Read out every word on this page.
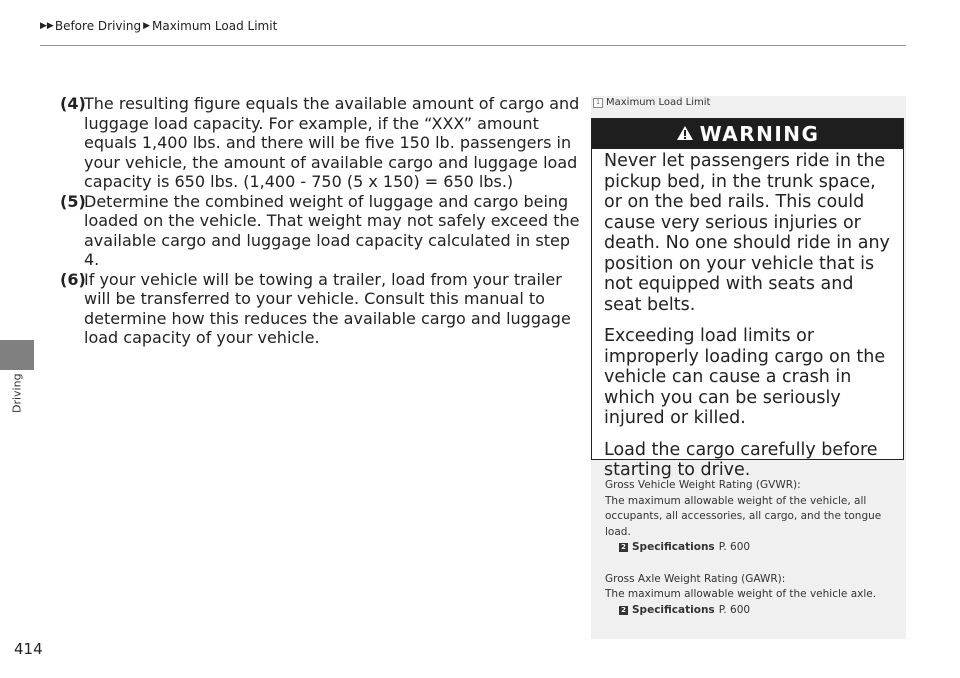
▶ ▶ Before Driving ▶ Maximum Load Limit
Driving
414
(4)
The resulting figure equals the available amount of cargo and luggage load capacity. For example, if the “XXX” amount equals 1,400 lbs. and there will be five 150 lb. passengers in your vehicle, the amount of available cargo and luggage load capacity is 650 lbs. (1,400 - 750 (5 x 150) = 650 lbs.)
(5)
Determine the combined weight of luggage and cargo being loaded on the vehicle. That weight may not safely exceed the available cargo and luggage load capacity calculated in step 4.
(6)
If your vehicle will be towing a trailer, load from your trailer will be transferred to your vehicle. Consult this manual to determine how this reduces the available cargo and luggage load capacity of your vehicle.
1 Maximum Load Limit
WARNING

Never let passengers ride in the pickup bed, in the trunk space, or on the bed rails. This could cause very serious injuries or death. No one should ride in any position on your vehicle that is not equipped with seats and seat belts.

Exceeding load limits or improperly loading cargo on the vehicle can cause a crash in which you can be seriously injured or killed.

Load the cargo carefully before starting to drive.

Gross Vehicle Weight Rating (GVWR):

The maximum allowable weight of the vehicle, all occupants, all accessories, all cargo, and the tongue load.

2 Specifications P. 600

Gross Axle Weight Rating (GAWR):

The maximum allowable weight of the vehicle axle.

2 Specifications P. 600
